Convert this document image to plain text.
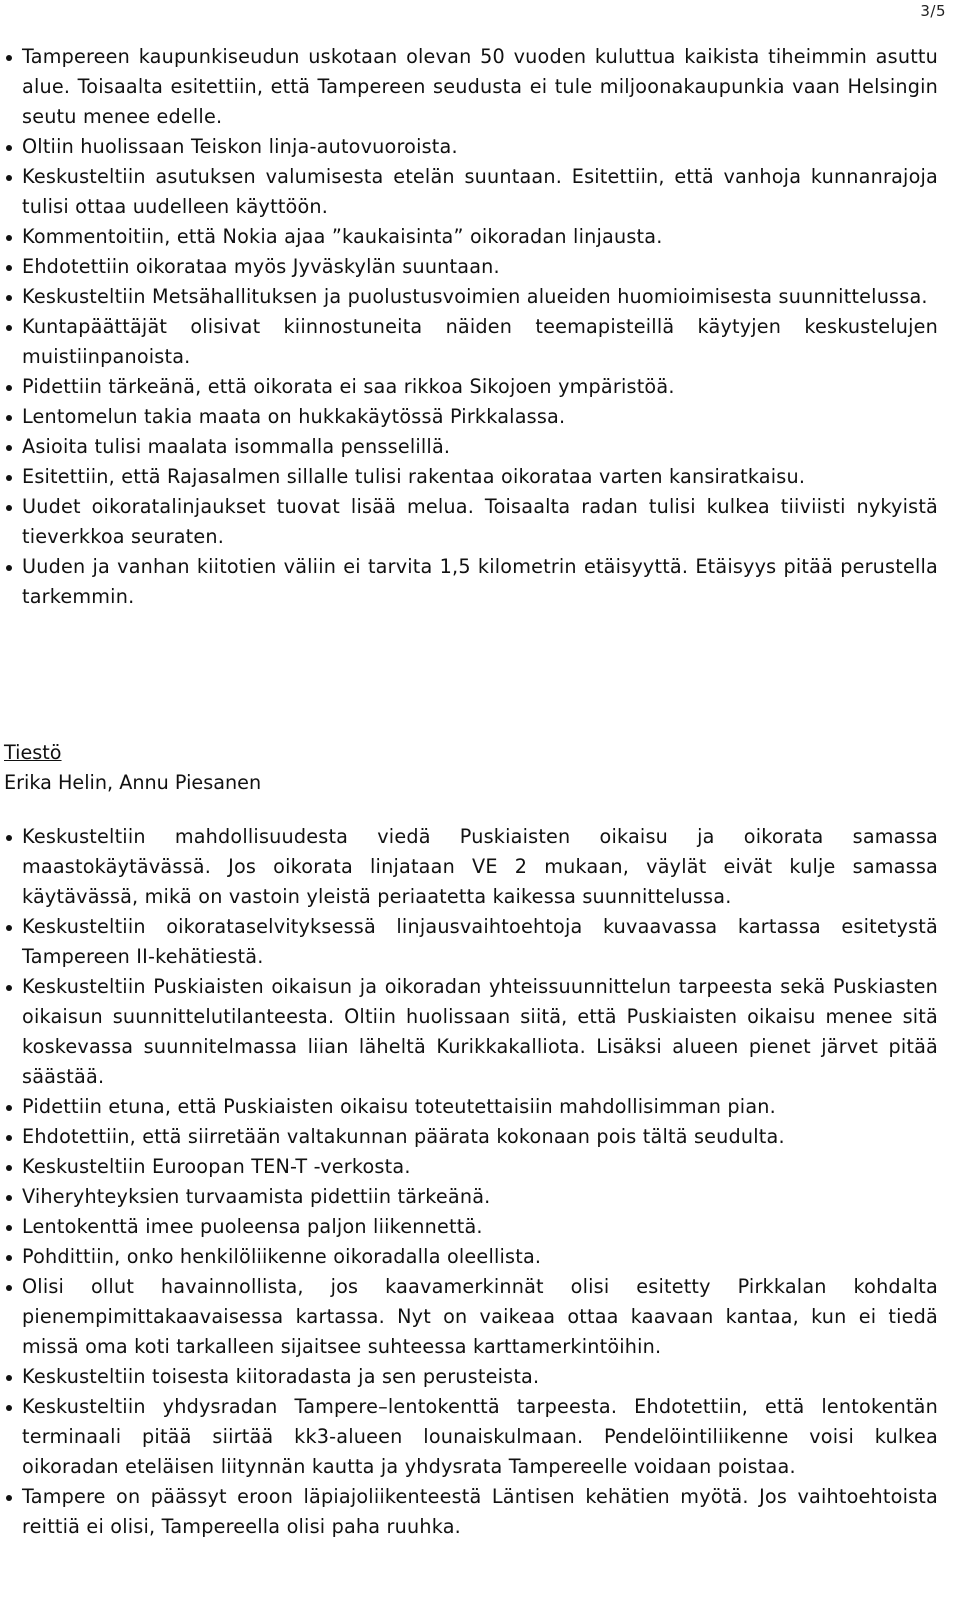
3/5
Tampereen kaupunkiseudun uskotaan olevan 50 vuoden kuluttua kaikista tiheimmin asuttu alue. Toisaalta esitettiin, että Tampereen seudusta ei tule miljoonakaupunkia vaan Helsingin seutu menee edelle.
Oltiin huolissaan Teiskon linja-autovuoroista.
Keskusteltiin asutuksen valumisesta etelän suuntaan. Esitettiin, että vanhoja kunnanrajoja tulisi ottaa uudelleen käyttöön.
Kommentoitiin, että Nokia ajaa ”kaukaisinta” oikoradan linjausta.
Ehdotettiin oikorataa myös Jyväskylän suuntaan.
Keskusteltiin Metsähallituksen ja puolustusvoimien alueiden huomioimisesta suunnittelussa.
Kuntapäättäjät olisivat kiinnostuneita näiden teemapisteillä käytyjen keskustelujen muistiinpanoista.
Pidettiin tärkeänä, että oikorata ei saa rikkoa Sikojoen ympäristöä.
Lentomelun takia maata on hukkakäytössä Pirkkalassa.
Asioita tulisi maalata isommalla pensselillä.
Esitettiin, että Rajasalmen sillalle tulisi rakentaa oikorataa varten kansiratkaisu.
Uudet oikoratalinjaukset tuovat lisää melua. Toisaalta radan tulisi kulkea tiiviisti nykyistä tieverkkoa seuraten.
Uuden ja vanhan kiitotien väliin ei tarvita 1,5 kilometrin etäisyyttä. Etäisyys pitää perustella tarkemmin.
Tiestö
Erika Helin, Annu Piesanen
Keskusteltiin mahdollisuudesta viedä Puskiaisten oikaisu ja oikorata samassa maastokäytävässä. Jos oikorata linjataan VE 2 mukaan, väylät eivät kulje samassa käytävässä, mikä on vastoin yleistä periaatetta kaikessa suunnittelussa.
Keskusteltiin oikorataselvityksessä linjausvaihtoehtoja kuvaavassa kartassa esitetystä Tampereen II-kehätiestä.
Keskusteltiin Puskiaisten oikaisun ja oikoradan yhteissuunnittelun tarpeesta sekä Puskiasten oikaisun suunnittelutilanteesta. Oltiin huolissaan siitä, että Puskiaisten oikaisu menee sitä koskevassa suunnitelmassa liian läheltä Kurikkakalliota. Lisäksi alueen pienet järvet pitää säästää.
Pidettiin etuna, että Puskiaisten oikaisu toteutettaisiin mahdollisimman pian.
Ehdotettiin, että siirretään valtakunnan päärata kokonaan pois tältä seudulta.
Keskusteltiin Euroopan TEN-T -verkosta.
Viheryhteyksien turvaamista pidettiin tärkeänä.
Lentokenttä imee puoleensa paljon liikennettä.
Pohdittiin, onko henkilöliikenne oikoradalla oleellista.
Olisi ollut havainnollista, jos kaavamerkinnät olisi esitetty Pirkkalan kohdalta pienempimittakaavaisessa kartassa. Nyt on vaikeaa ottaa kaavaan kantaa, kun ei tiedä missä oma koti tarkalleen sijaitsee suhteessa karttamerkintöihin.
Keskusteltiin toisesta kiitoradasta ja sen perusteista.
Keskusteltiin yhdysradan Tampere–lentokenttä tarpeesta. Ehdotettiin, että lentokentän terminaali pitää siirtää kk3-alueen lounaiskulmaan. Pendelöintiliikenne voisi kulkea oikoradan eteläisen liitynnän kautta ja yhdysrata Tampereelle voidaan poistaa.
Tampere on päässyt eroon läpiajoliikenteestä Läntisen kehätien myötä. Jos vaihtoehtoista reittiä ei olisi, Tampereella olisi paha ruuhka.
